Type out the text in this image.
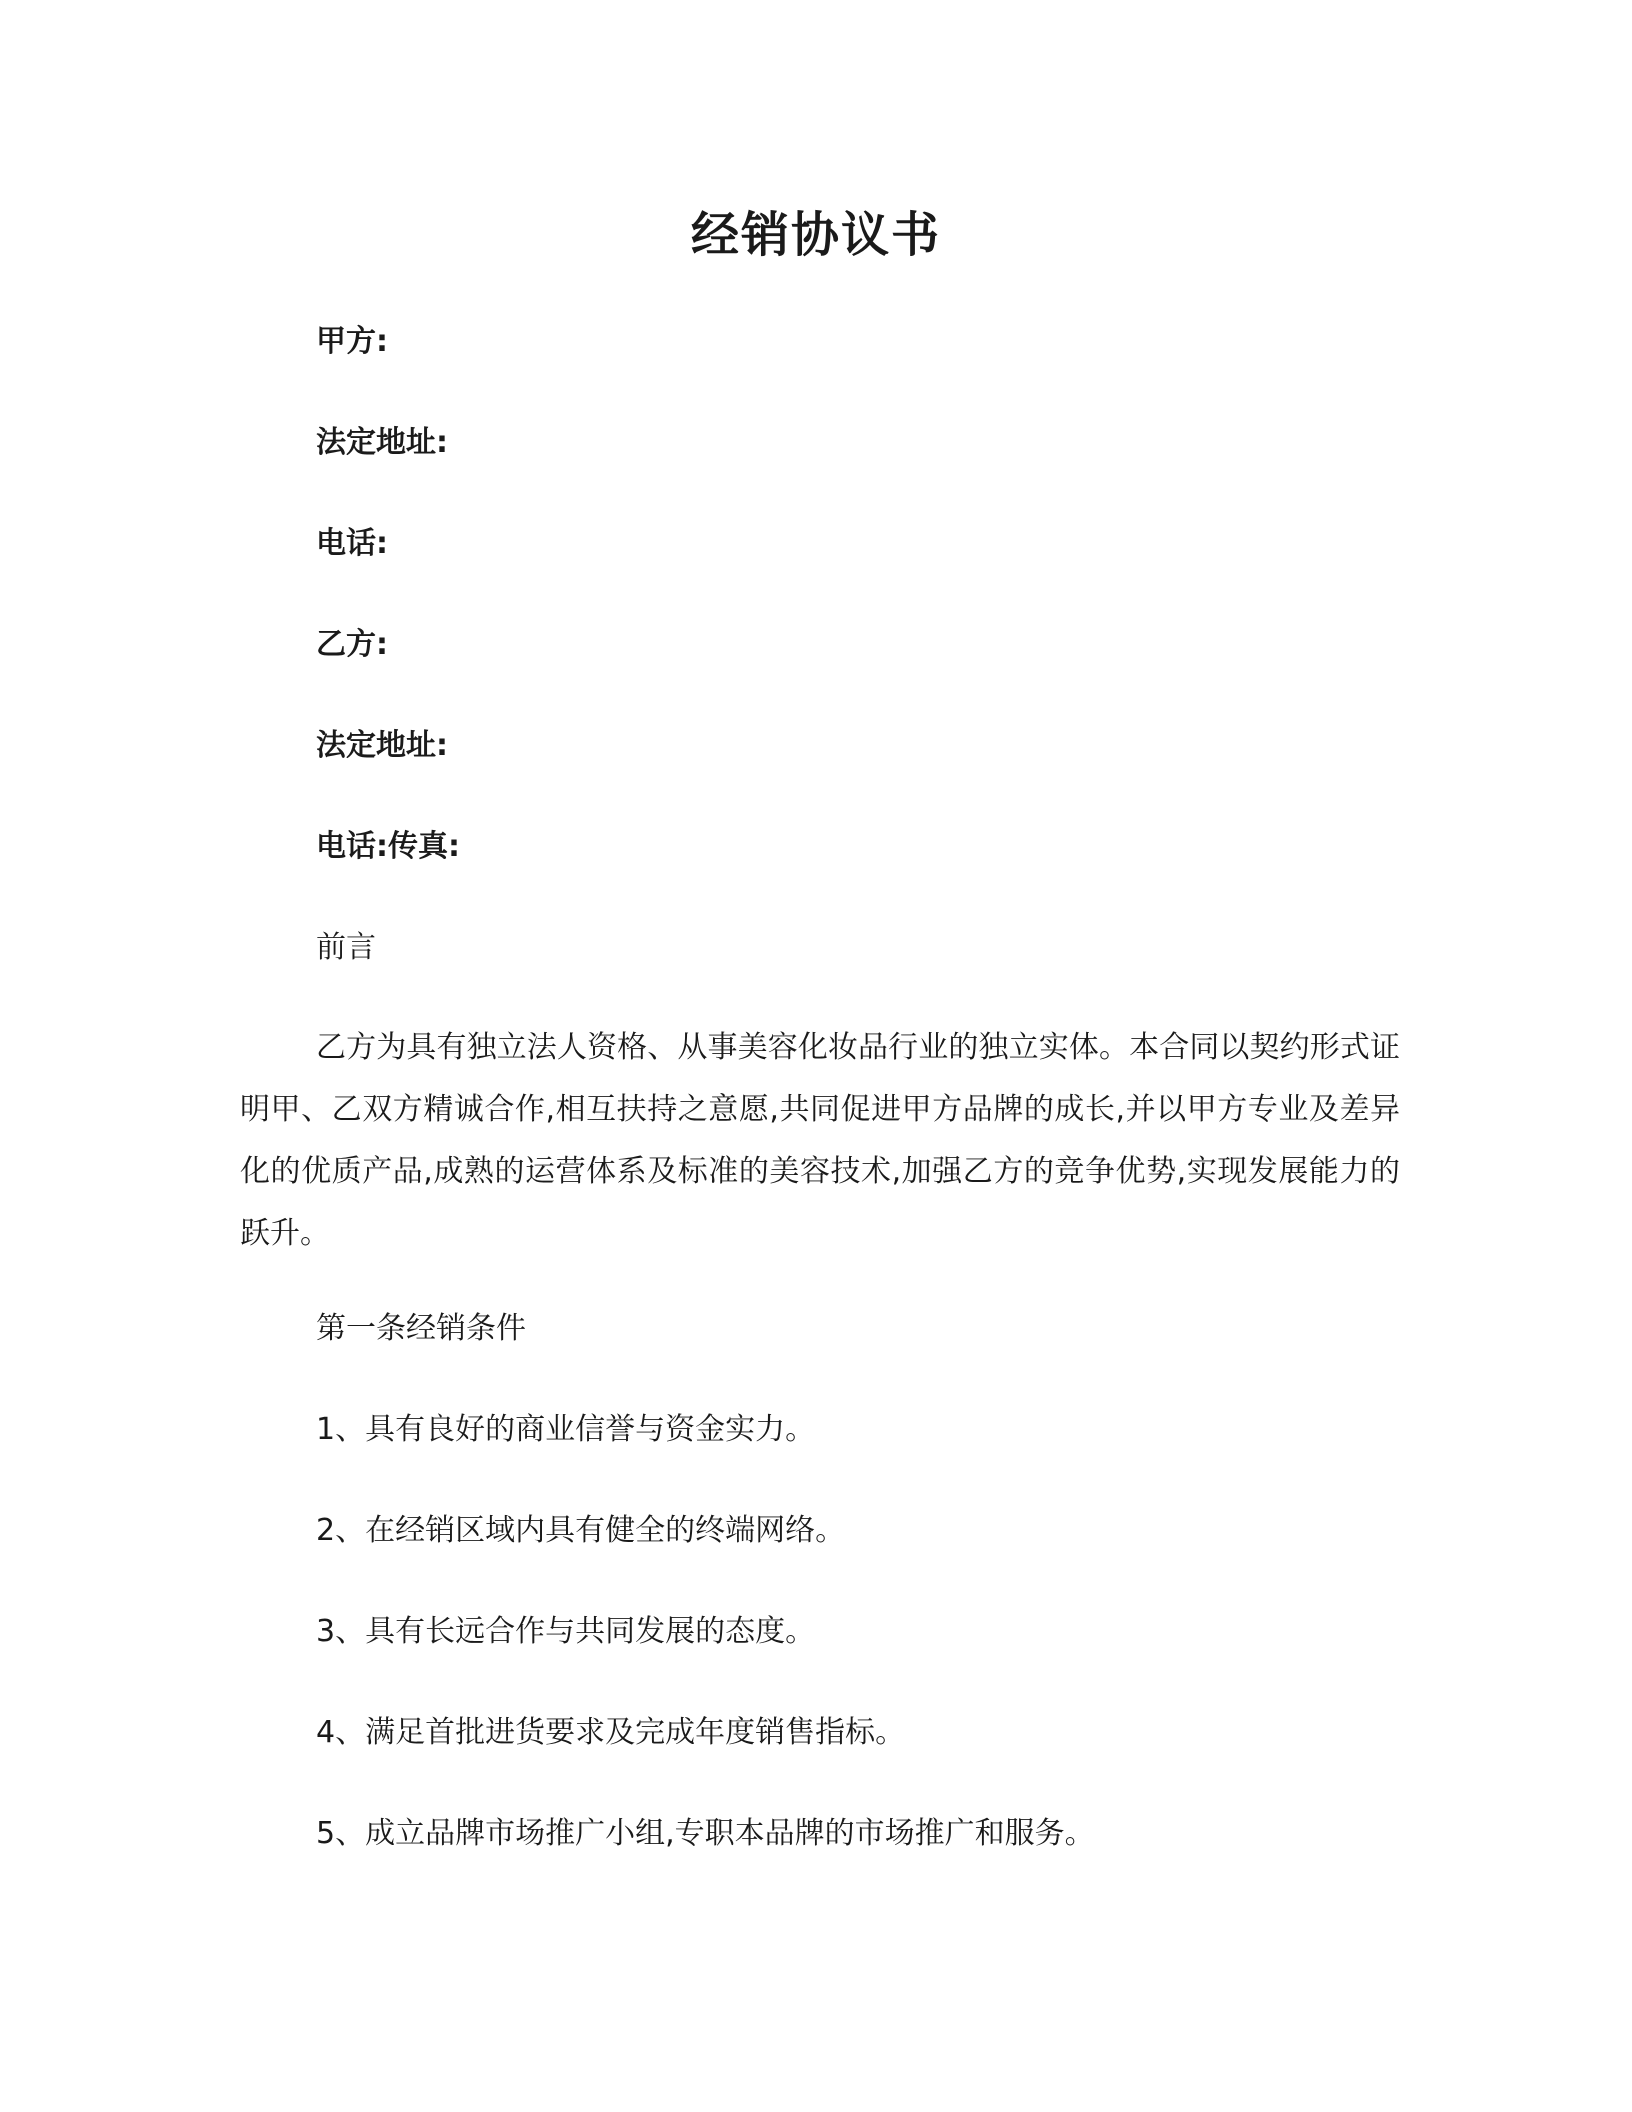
经销协议书

甲方:

法定地址:

电话:

乙方:

法定地址:

电话:传真:

前言

乙方为具有独立法人资格、从事美容化妆品行业的独立实体。本合同以契约形式证明甲、乙双方精诚合作,相互扶持之意愿,共同促进甲方品牌的成长,并以甲方专业及差异化的优质产品,成熟的运营体系及标准的美容技术,加强乙方的竞争优势,实现发展能力的跃升。

第一条经销条件

1、具有良好的商业信誉与资金实力。

2、在经销区域内具有健全的终端网络。

3、具有长远合作与共同发展的态度。

4、满足首批进货要求及完成年度销售指标。

5、成立品牌市场推广小组,专职本品牌的市场推广和服务。
